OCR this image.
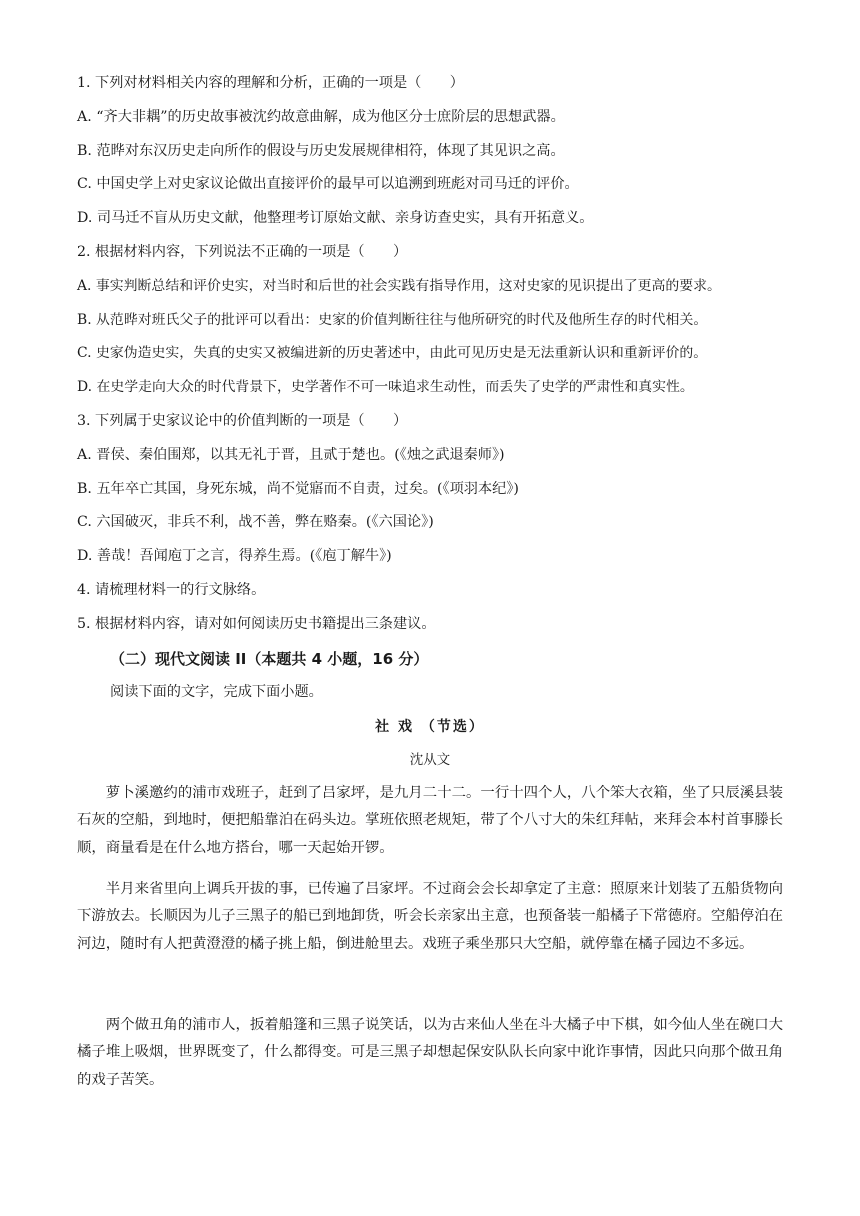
1. 下列对材料相关内容的理解和分析，正确的一项是（　　）

A. “齐大非耦”的历史故事被沈约故意曲解，成为他区分士庶阶层的思想武器。

B. 范晔对东汉历史走向所作的假设与历史发展规律相符，体现了其见识之高。

C. 中国史学上对史家议论做出直接评价的最早可以追溯到班彪对司马迁的评价。

D. 司马迁不盲从历史文献，他整理考订原始文献、亲身访查史实，具有开拓意义。

2. 根据材料内容，下列说法不正确的一项是（　　）

A. 事实判断总结和评价史实，对当时和后世的社会实践有指导作用，这对史家的见识提出了更高的要求。

B. 从范晔对班氏父子的批评可以看出：史家的价值判断往往与他所研究的时代及他所生存的时代相关。

C. 史家伪造史实，失真的史实又被编进新的历史著述中，由此可见历史是无法重新认识和重新评价的。

D. 在史学走向大众的时代背景下，史学著作不可一味追求生动性，而丢失了史学的严肃性和真实性。

3. 下列属于史家议论中的价值判断的一项是（　　）

A. 晋侯、秦伯围郑，以其无礼于晋，且贰于楚也。(《烛之武退秦师》)

B. 五年卒亡其国，身死东城，尚不觉寤而不自责，过矣。(《项羽本纪》)

C. 六国破灭，非兵不利，战不善，弊在赂秦。(《六国论》)

D. 善哉！吾闻庖丁之言，得养生焉。(《庖丁解牛》)

4. 请梳理材料一的行文脉络。

5. 根据材料内容，请对如何阅读历史书籍提出三条建议。

（二）现代文阅读 II（本题共 4 小题，16 分）

阅读下面的文字，完成下面小题。

社 戏 （节选）

沈从文

萝卜溪邀约的浦市戏班子，赶到了吕家坪，是九月二十二。一行十四个人，八个笨大衣箱，坐了只辰溪县装石灰的空船，到地时，便把船靠泊在码头边。掌班依照老规矩，带了个八寸大的朱红拜帖，来拜会本村首事滕长顺，商量看是在什么地方搭台，哪一天起始开锣。

半月来省里向上调兵开拔的事，已传遍了吕家坪。不过商会会长却拿定了主意：照原来计划装了五船货物向下游放去。长顺因为儿子三黑子的船已到地卸货，听会长亲家出主意，也预备装一船橘子下常德府。空船停泊在河边，随时有人把黄澄澄的橘子挑上船，倒进舱里去。戏班子乘坐那只大空船，就停靠在橘子园边不多远。

两个做丑角的浦市人，扳着船篷和三黑子说笑话，以为古来仙人坐在斗大橘子中下棋，如今仙人坐在碗口大橘子堆上吸烟，世界既变了，什么都得变。可是三黑子却想起保安队队长向家中讹诈事情，因此只向那个做丑角的戏子苦笑。
